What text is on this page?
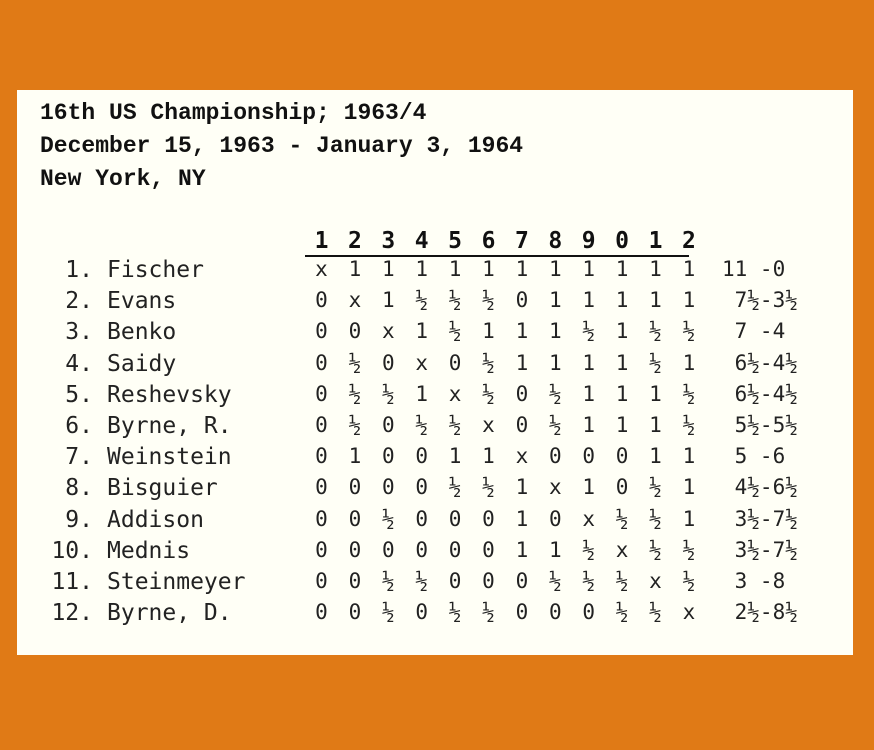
16th US Championship; 1963/4
December 15, 1963 - January 3, 1964
New York, NY
1 2 3 4 5 6 7 8 9 0 1 2
1. Fischer	x 1 1 1 1 1 1 1 1 1 1 1	11 -0
2. Evans	0 x 1 ½ ½ ½ 0 1 1 1 1 1	7½-3½
3. Benko	0 0 x 1 ½ 1 1 1 ½ 1 ½ ½	7 -4
4. Saidy	0 ½ 0 x 0 ½ 1 1 1 1 ½ 1	6½-4½
5. Reshevsky	0 ½ ½ 1 x ½ 0 ½ 1 1 1 ½	6½-4½
6. Byrne, R.	0 ½ 0 ½ ½ x 0 ½ 1 1 1 ½	5½-5½
7. Weinstein	0 1 0 0 1 1 x 0 0 0 1 1	5 -6
8. Bisguier	0 0 0 0 ½ ½ 1 x 1 0 ½ 1	4½-6½
9. Addison	0 0 ½ 0 0 0 1 0 x ½ ½ 1	3½-7½
10. Mednis	0 0 0 0 0 0 1 1 ½ x ½ ½	3½-7½
11. Steinmeyer	0 0 ½ ½ 0 0 0 ½ ½ ½ x ½	3 -8
12. Byrne, D.	0 0 ½ 0 ½ ½ 0 0 0 ½ ½ x	2½-8½
